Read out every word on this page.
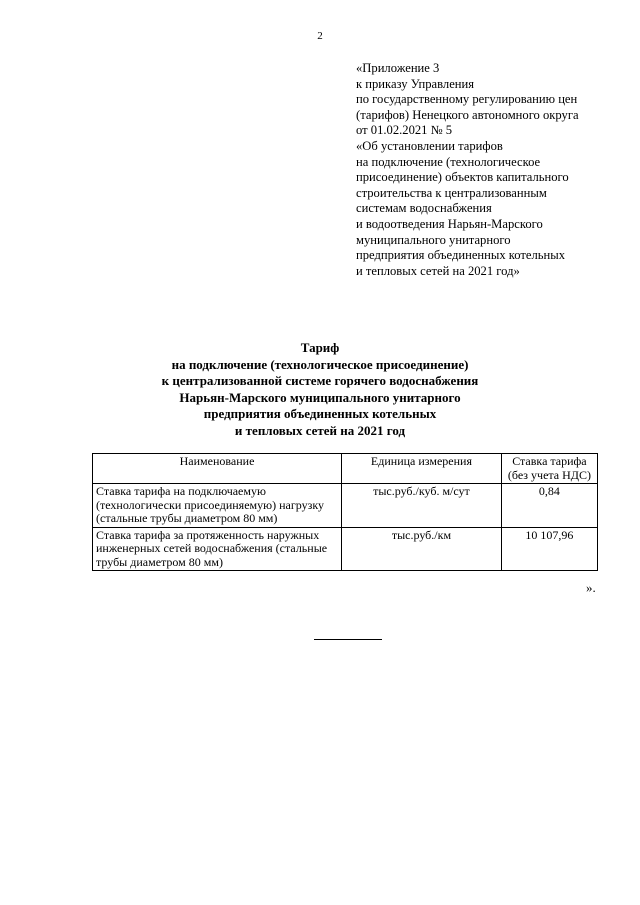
2
«Приложение 3
к приказу Управления
по государственному регулированию цен
(тарифов) Ненецкого автономного округа
от 01.02.2021 № 5
«Об установлении тарифов
на подключение (технологическое
присоединение) объектов капитального
строительства к централизованным
системам водоснабжения
и водоотведения Нарьян-Марского
муниципального унитарного
предприятия объединенных котельных
и тепловых сетей на 2021 год»
Тариф
на подключение (технологическое присоединение)
к централизованной системе горячего водоснабжения
Нарьян-Марского муниципального унитарного
предприятия объединенных котельных
и тепловых сетей на 2021 год
Наименование	Единица измерения	Ставка тарифа (без учета НДС)
Ставка тарифа на подключаемую (технологически присоединяемую) нагрузку (стальные трубы диаметром 80 мм)	тыс.руб./куб. м/сут	0,84
Ставка тарифа за протяженность наружных инженерных сетей водоснабжения (стальные трубы диаметром 80 мм)	тыс.руб./км	10 107,96
».
